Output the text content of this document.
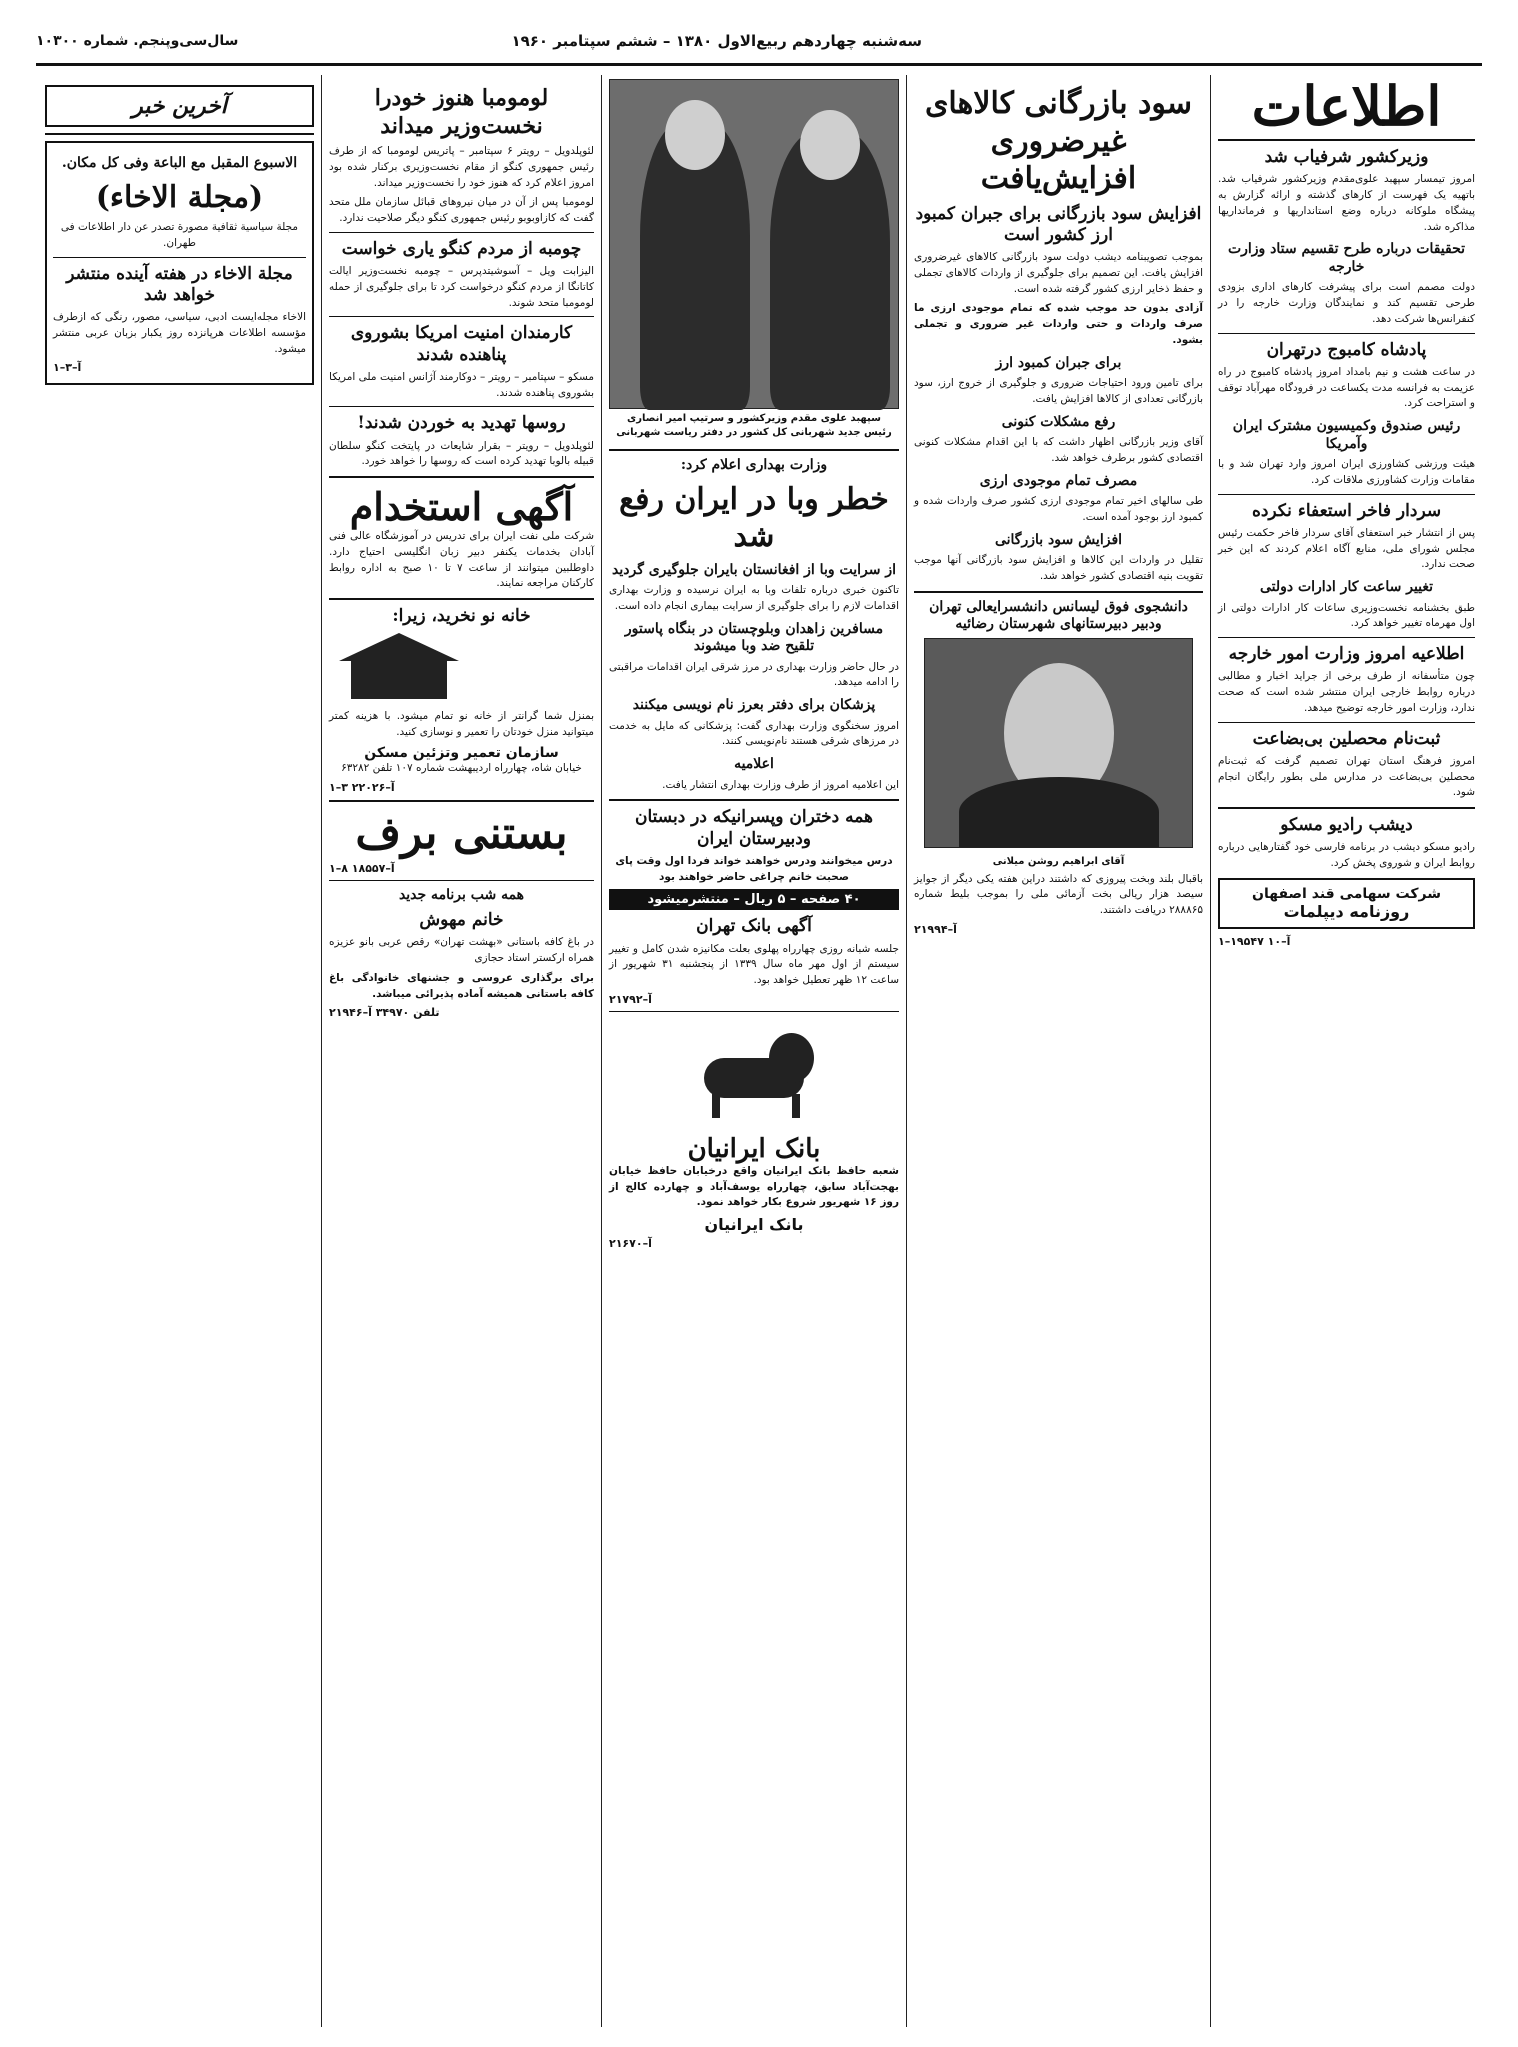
سه‌شنبه چهاردهم ربیع‌الاول ۱۳۸۰ – ششم سپتامبر ۱۹۶۰
سال‌سی‌وپنجم. شماره ۱۰۳۰۰
اطلاعات
وزیرکشور شرفیاب شد

امروز تیمسار سپهبد علوی‌مقدم وزیرکشور شرفیاب‌ شد. باتهیه یک فهرست از کارهای گذشته و ارائه گزارش به پیشگاه ملوکانه درباره وضع استانداریها و فرمانداریها مذاکره شد.

تحقیقات درباره طرح تقسیم ستاد وزارت خارجه

دولت مصمم است برای پیشرفت کارهای اداری بزودی طرحی تقسیم کند و نمایندگان وزارت خارجه را در کنفرانس‌ها شرکت دهد.

پادشاه کامبوج درتهران

در ساعت هشت و نیم بامداد امروز پادشاه کامبوج در راه عزیمت به فرانسه مدت یکساعت در فرودگاه مهرآباد توقف و استراحت کرد.

رئیس صندوق وکمیسیون مشترک ایران وآمریکا

هیئت ورزشی کشاورزی ایران امروز وارد تهران شد و با مقامات وزارت کشاورزی ملاقات کرد.

سردار فاخر استعفاء نکرده

پس از انتشار خبر استعفای آقای سردار فاخر حکمت رئیس مجلس شورای ملی، منابع آگاه اعلام کردند که این خبر صحت ندارد.

تغییر ساعت کار ادارات دولتی

طبق بخشنامه نخست‌وزیری ساعات کار ادارات دولتی از اول مهرماه تغییر خواهد کرد.

اطلاعیه امروز وزارت امور خارجه

چون متأسفانه از طرف برخی از جراید اخبار و مطالبی درباره روابط خارجی ایران منتشر شده است که صحت ندارد، وزارت امور خارجه توضیح میدهد.

ثبت‌نام محصلین بی‌بضاعت

امروز فرهنگ استان تهران تصمیم گرفت که ثبت‌نام محصلین بی‌بضاعت در مدارس ملی بطور رایگان انجام شود.

دیشب رادیو مسکو

رادیو مسکو دیشب در برنامه فارسی خود گفتارهایی درباره روابط ایران و شوروی پخش کرد.

شرکت سهامی قند اصفهان
روزنامه دیپلمات
۱–۱۹۵۴۷ آ–۱۰
سود بازرگانی کالاهای غیرضروری افزایش‌یافت
افزایش سود بازرگانی برای جبران کمبود ارز کشور است

بموجب تصویبنامه دیشب دولت سود بازرگانی کالاهای غیرضروری افزایش یافت. این تصمیم برای جلوگیری از واردات کالاهای تجملی و حفظ ذخایر ارزی کشور گرفته شده است.

آزادی بدون حد موجب شده که تمام موجودی ارزی ما صرف واردات و حتی واردات غیر ضروری و تجملی بشود.

برای جبران کمبود ارز

برای تامین ورود احتیاجات ضروری و جلوگیری از خروج ارز، سود بازرگانی تعدادی از کالاها افزایش یافت.

رفع مشکلات کنونی

آقای وزیر بازرگانی اظهار داشت که با این اقدام مشکلات کنونی اقتصادی کشور برطرف خواهد شد.

مصرف تمام موجودی ارزی

طی سالهای اخیر تمام موجودی ارزی کشور صرف واردات شده و کمبود ارز بوجود آمده است.

افزایش سود بازرگانی

تقلیل در واردات این کالاها و افزایش سود بازرگانی آنها موجب تقویت بنیه اقتصادی کشور خواهد شد.

دانشجوی فوق لیسانس دانشسرایعالی تهران ودبیر دبیرستانهای شهرستان رضائیه
آقای ابراهیم روشن میلانی

باقبال بلند وبخت پیروزی که داشتند دراین هفته یکی دیگر از جوایز سیصد هزار ریالی بخت آزمائی ملی را بموجب بلیط شماره ۲۸۸۸۶۵ دریافت داشتند.

آ–۲۱۹۹۴
سپهبد علوی مقدم وزیرکشور و سرتیپ امیر انصاری رئیس جدید شهربانی کل کشور در دفتر ریاست شهربانی
وزارت بهداری اعلام کرد:
خطر وبا در ایران رفع شد
از سرایت وبا از افغانستان بایران جلوگیری گردید

تاکنون خبری درباره تلفات وبا به ایران نرسیده و وزارت بهداری اقدامات لازم را برای جلوگیری از سرایت بیماری انجام داده است.

مسافرین زاهدان وبلوچستان در بنگاه پاستور تلقیح ضد وبا میشوند

در حال حاضر وزارت بهداری در مرز شرقی ایران اقدامات مراقبتی را ادامه میدهد.

پزشکان برای دفتر بعرز نام نویسی میکنند

امروز سخنگوی وزارت بهداری گفت: پزشکانی که مایل به خدمت در مرزهای شرقی هستند نام‌نویسی کنند.

اعلامیه

این اعلامیه امروز از طرف وزارت بهداری انتشار یافت.

همه دختران وپسرانیکه در دبستان ودبیرستان ایران

درس میخوانند ودرس خواهند خواند فردا اول وقت پای صحبت خانم چراغی حاضر خواهند بود

۴۰ صفحه – ۵ ریال – منتشرمیشود
آگهی بانک تهران

جلسه شبانه روزی چهارراه پهلوی بعلت مکانیزه شدن کامل و تغییر سیستم از اول مهر ماه سال ۱۳۳۹ از پنجشنبه ۳۱ شهریور از ساعت ۱۲ ظهر تعطیل خواهد بود.

آ–۲۱۷۹۲
بانک ایرانیان

شعبه حافظ بانک ایرانیان واقع درخیابان حافظ خیابان بهجت‌آباد سابق، چهارراه یوسف‌آباد و چهارده کالج از روز ۱۶ شهریور شروع بکار خواهد نمود.

بانک ایرانیان
آ–۲۱۶۷۰
لومومبا هنوز خودرا نخست‌وزیر میداند

لئوپلدویل – رویتر ۶ سپتامبر – پاتریس لومومبا که از طرف رئیس جمهوری کنگو از مقام نخست‌وزیری برکنار شده بود امروز اعلام کرد که هنوز خود را نخست‌وزیر میداند.

لومومبا پس از آن در میان نیروهای قبائل سازمان ملل متحد گفت که کازاوبوبو رئیس جمهوری کنگو دیگر صلاحیت ندارد.

چومبه از مردم کنگو یاری خواست

الیزابت ویل – آسوشیتدپرس – چومبه نخست‌وزیر ایالت کاتانگا از مردم کنگو درخواست کرد تا برای جلوگیری از حمله لومومبا متحد شوند.

کارمندان امنیت امریکا بشوروی پناهنده شدند

مسکو – سپتامبر – رویتر – دوکارمند آژانس امنیت ملی امریکا بشوروی پناهنده شدند.

روسها تهدید به خوردن شدند!

لئوپلدویل – رویتر – بقرار شایعات در پایتخت کنگو سلطان قبیله بالوبا تهدید کرده است که روسها را خواهد خورد.

آگهی استخدام

شرکت ملی نفت ایران برای تدریس در آموزشگاه عالی فنی آبادان بخدمات یکنفر دبیر زبان انگلیسی احتیاج دارد. داوطلبین میتوانند از ساعت ۷ تا ۱۰ صبح به اداره روابط کارکنان مراجعه نمایند.

خانه نو نخرید، زیرا:

بمنزل شما گرانتر از خانه نو تمام میشود. با هزینه کمتر میتوانید منزل خودتان را تعمیر و نوسازی کنید.

سازمان تعمیر وتزئین مسکن

خیابان شاه، چهارراه اردیبهشت شماره ۱۰۷ تلفن ۶۳۲۸۲

۱–۳ آ–۲۲۰۲۶
بستنی برف
۱–۸ آ–۱۸۵۵۷
همه شب برنامه جدید
خانم مهوش

در باغ کافه باستانی «بهشت تهران» رقص عربی بانو عزیزه همراه ارکستر استاد حجازی

برای برگذاری عروسی و جشنهای خانوادگی باغ کافه باستانی همیشه آماده پذیرائی میباشد.

تلفن ۳۴۹۷۰ آ–۲۱۹۴۶
آخرین خبر
الاسبوع المقبل مع الباعة وفی کل مکان.
(مجلة الاخاء)

مجلة سیاسية ثقافية مصورة تصدر عن دار اطلاعات فی طهران.

مجلة الاخاء در هفته آینده منتشر خواهد شد

الاخاء مجله‌ایست ادبی، سیاسی، مصور، رنگی که ازطرف مؤسسه اطلاعات هرپانزده روز یکبار بزبان عربی منتشر میشود.

آ–۳–۱
